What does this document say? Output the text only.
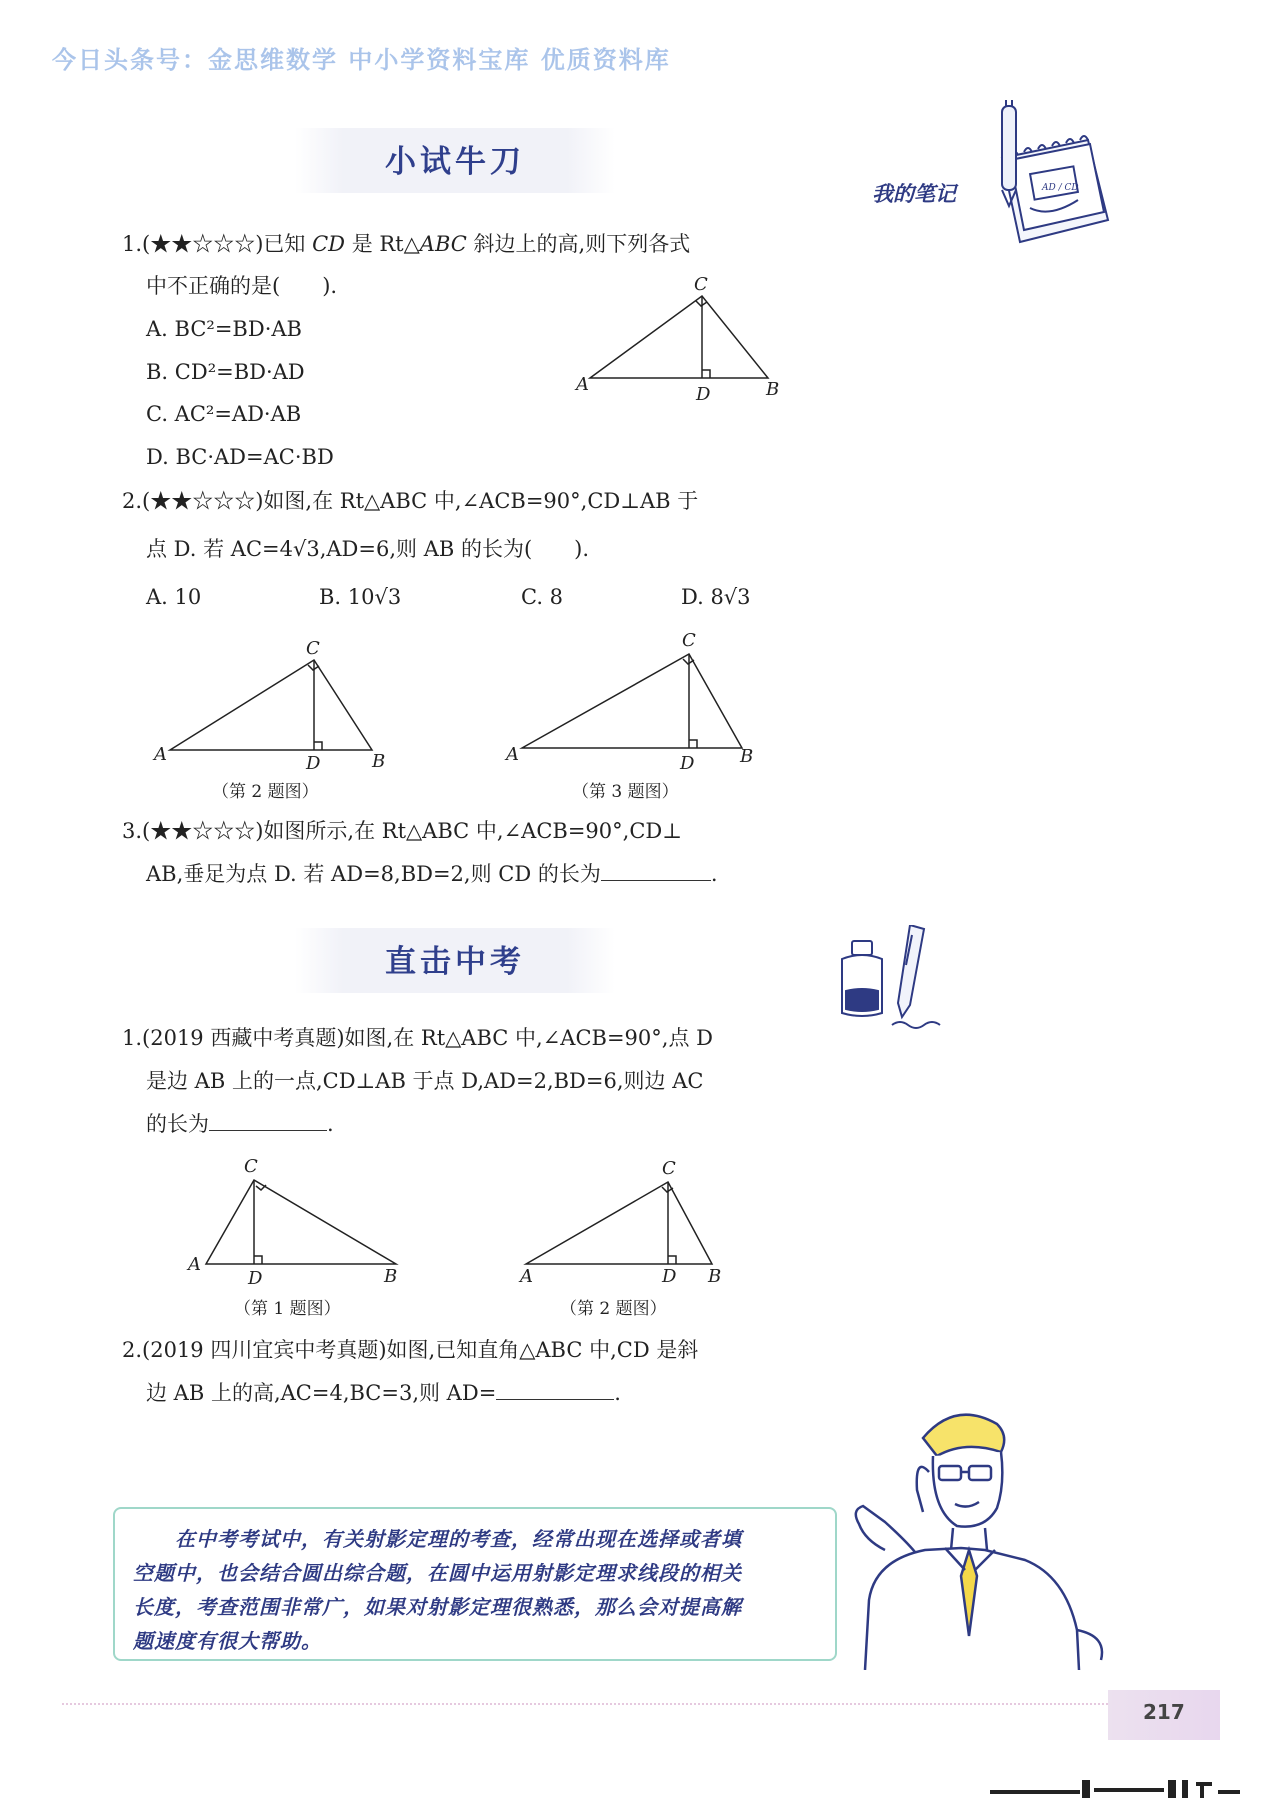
今日头条号：金思维数学 中小学资料宝库 优质资料库
AD / CD
我的笔记
小试牛刀
1.(★★☆☆☆)已知 CD 是 Rt△ABC 斜边上的高,则下列各式
中不正确的是(　　).
A. BC²=BD·AB
B. CD²=BD·AD
C. AC²=AD·AB
D. BC·AD=AC·BD
C
A	D	B
2.(★★☆☆☆)如图,在 Rt△ABC 中,∠ACB=90°,CD⊥AB 于
点 D. 若 AC=4√3,AD=6,则 AB 的长为(　　).
A. 10	B. 10√3	C. 8	D. 8√3
C
A	D	B
C
A	D	B
（第 2 题图）	（第 3 题图）
3.(★★☆☆☆)如图所示,在 Rt△ABC 中,∠ACB=90°,CD⊥
AB,垂足为点 D. 若 AD=8,BD=2,则 CD 的长为	.
直击中考
1.(2019 西藏中考真题)如图,在 Rt△ABC 中,∠ACB=90°,点 D
是边 AB 上的一点,CD⊥AB 于点 D,AD=2,BD=6,则边 AC
的长为	.
C
A
D	B
C
A	D B
（第 1 题图）	（第 2 题图）
2.(2019 四川宜宾中考真题)如图,已知直角△ABC 中,CD 是斜
边 AB 上的高,AC=4,BC=3,则 AD=	.
在中考考试中，有关射影定理的考查，经常出现在选择或者填
空题中，也会结合圆出综合题，在圆中运用射影定理求线段的相关
长度，考查范围非常广，如果对射影定理很熟悉，那么会对提高解
题速度有很大帮助。
217
